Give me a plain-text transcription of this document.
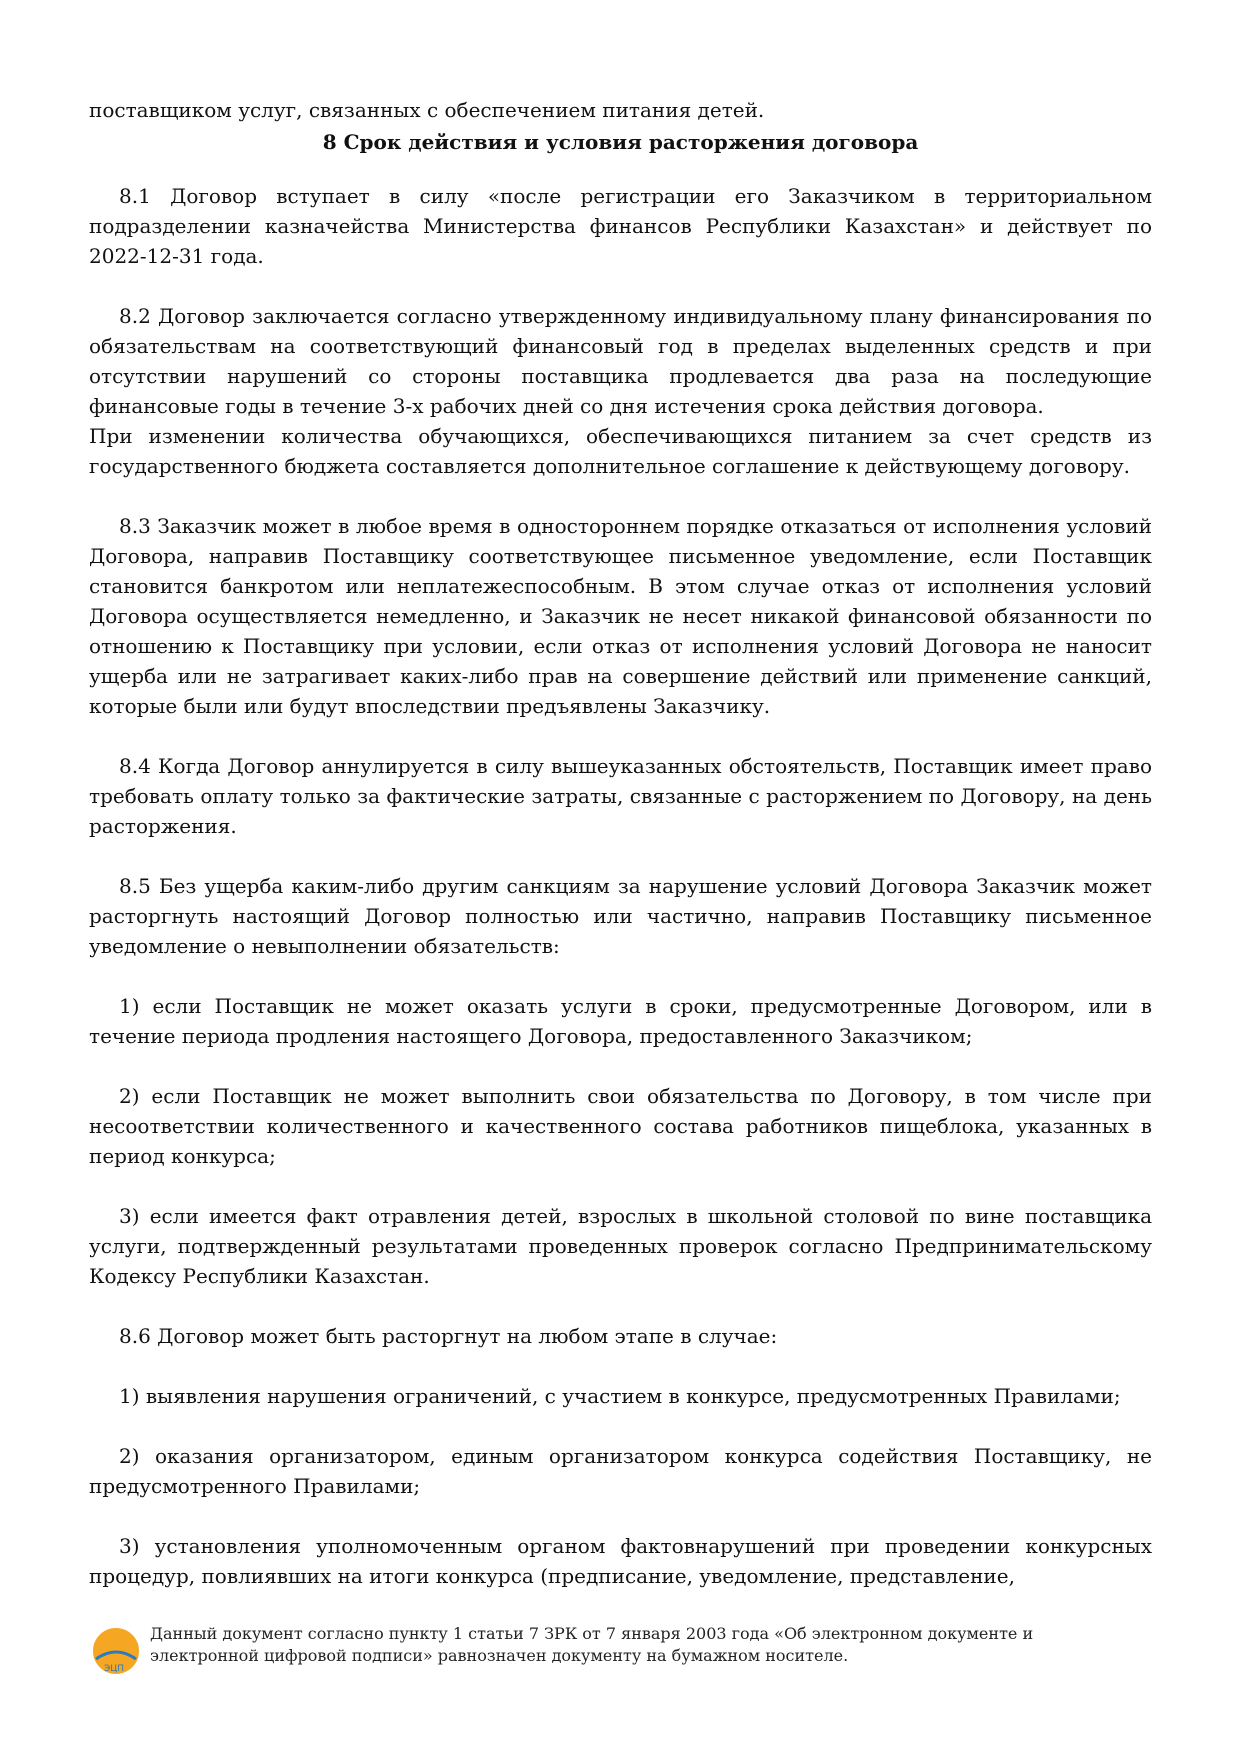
поставщиком услуг, связанных с обеспечением питания детей.

8 Срок действия и условия расторжения договора

8.1 Договор вступает в силу «после регистрации его Заказчиком в территориальном подразделении казначейства Министерства финансов Республики Казахстан» и действует по 2022-12-31 года.

8.2 Договор заключается согласно утвержденному индивидуальному плану финансирования по обязательствам на соответствующий финансовый год в пределах выделенных средств и при отсутствии нарушений со стороны поставщика продлевается два раза на последующие финансовые годы в течение 3-х рабочих дней со дня истечения срока действия договора.
При изменении количества обучающихся, обеспечивающихся питанием за счет средств из государственного бюджета составляется дополнительное соглашение к действующему договору.

8.3 Заказчик может в любое время в одностороннем порядке отказаться от исполнения условий Договора, направив Поставщику соответствующее письменное уведомление, если Поставщик становится банкротом или неплатежеспособным. В этом случае отказ от исполнения условий Договора осуществляется немедленно, и Заказчик не несет никакой финансовой обязанности по отношению к Поставщику при условии, если отказ от исполнения условий Договора не наносит ущерба или не затрагивает каких-либо прав на совершение действий или применение санкций, которые были или будут впоследствии предъявлены Заказчику.

8.4 Когда Договор аннулируется в силу вышеуказанных обстоятельств, Поставщик имеет право требовать оплату только за фактические затраты, связанные с расторжением по Договору, на день расторжения.

8.5 Без ущерба каким-либо другим санкциям за нарушение условий Договора Заказчик может расторгнуть настоящий Договор полностью или частично, направив Поставщику письменное уведомление о невыполнении обязательств:

1) если Поставщик не может оказать услуги в сроки, предусмотренные Договором, или в течение периода продления настоящего Договора, предоставленного Заказчиком;

2) если Поставщик не может выполнить свои обязательства по Договору, в том числе при несоответствии количественного и качественного состава работников пищеблока, указанных в период конкурса;

3) если имеется факт отравления детей, взрослых в школьной столовой по вине поставщика услуги, подтвержденный результатами проведенных проверок согласно Предпринимательскому Кодексу Республики Казахстан.

8.6 Договор может быть расторгнут на любом этапе в случае:

1) выявления нарушения ограничений, с участием в конкурсе, предусмотренных Правилами;

2) оказания организатором, единым организатором конкурса содействия Поставщику, не предусмотренного Правилами;

3) установления уполномоченным органом фактовнарушений при проведении конкурсных процедур, повлиявших на итоги конкурса (предписание, уведомление, представление,

ЭЦП
Данный документ согласно пункту 1 статьи 7 ЗРК от 7 января 2003 года «Об электронном документе и
электронной цифровой подписи» равнозначен документу на бумажном носителе.
